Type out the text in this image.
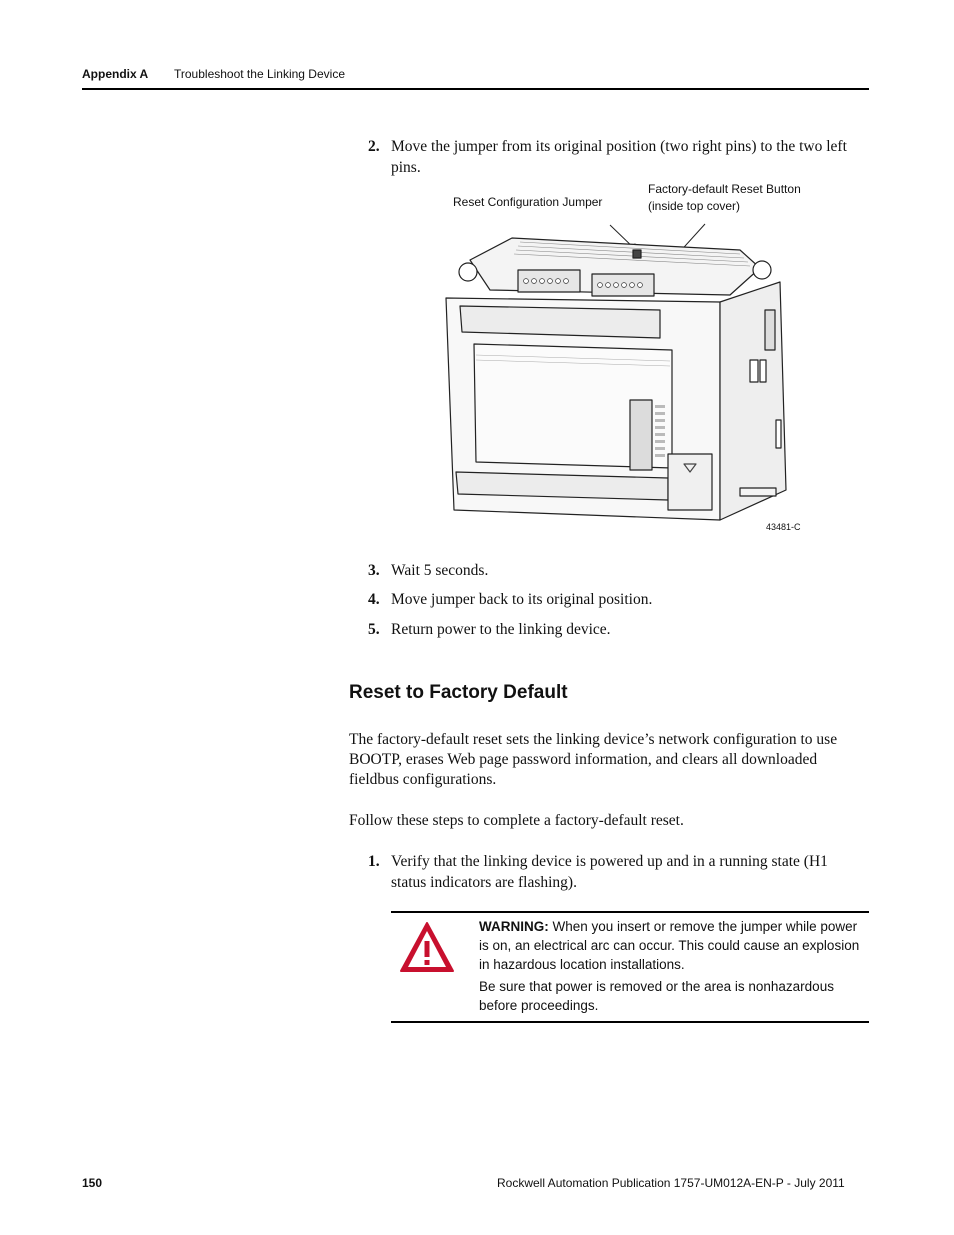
Appendix A Troubleshoot the Linking Device
2. Move the jumper from its original position (two right pins) to the two left pins.
Reset Configuration Jumper
Factory-default Reset Button
(inside top cover)
43481-C
3. Wait 5 seconds.
4. Move jumper back to its original position.
5. Return power to the linking device.
Reset to Factory Default
The factory-default reset sets the linking device’s network configuration to use BOOTP, erases Web page password information, and clears all downloaded fieldbus configurations.
Follow these steps to complete a factory-default reset.
1. Verify that the linking device is powered up and in a running state (H1 status indicators are flashing).
WARNING: When you insert or remove the jumper while power is on, an electrical arc can occur. This could cause an explosion in hazardous location installations.
Be sure that power is removed or the area is nonhazardous before proceedings.
150	Rockwell Automation Publication 1757-UM012A-EN-P - July 2011
